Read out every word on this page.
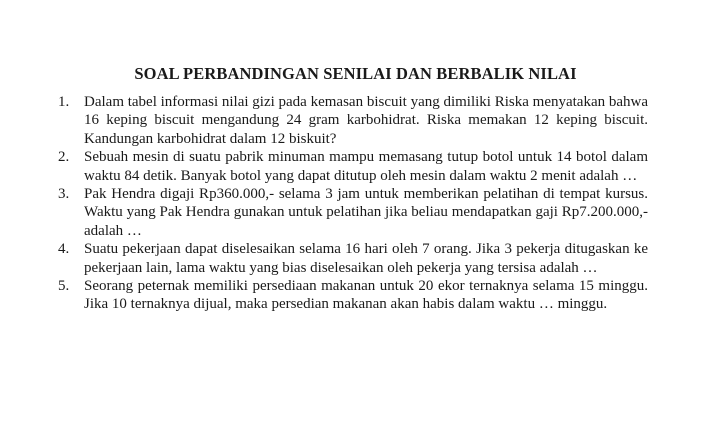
SOAL PERBANDINGAN SENILAI DAN BERBALIK NILAI
1. Dalam tabel informasi nilai gizi pada kemasan biscuit yang dimiliki Riska menyatakan bahwa 16 keping biscuit mengandung 24 gram karbohidrat. Riska memakan 12 keping biscuit. Kandungan karbohidrat dalam 12 biskuit?
2. Sebuah mesin di suatu pabrik minuman mampu memasang tutup botol untuk 14 botol dalam waktu 84 detik. Banyak botol yang dapat ditutup oleh mesin dalam waktu 2 menit adalah …
3. Pak Hendra digaji Rp360.000,- selama 3 jam untuk memberikan pelatihan di tempat kursus. Waktu yang Pak Hendra gunakan untuk pelatihan jika beliau mendapatkan gaji Rp7.200.000,- adalah …
4. Suatu pekerjaan dapat diselesaikan selama 16 hari oleh 7 orang. Jika 3 pekerja ditugaskan ke pekerjaan lain, lama waktu yang bias diselesaikan oleh pekerja yang tersisa adalah …
5. Seorang peternak memiliki persediaan makanan untuk 20 ekor ternaknya selama 15 minggu. Jika 10 ternaknya dijual, maka persedian makanan akan habis dalam waktu … minggu.
